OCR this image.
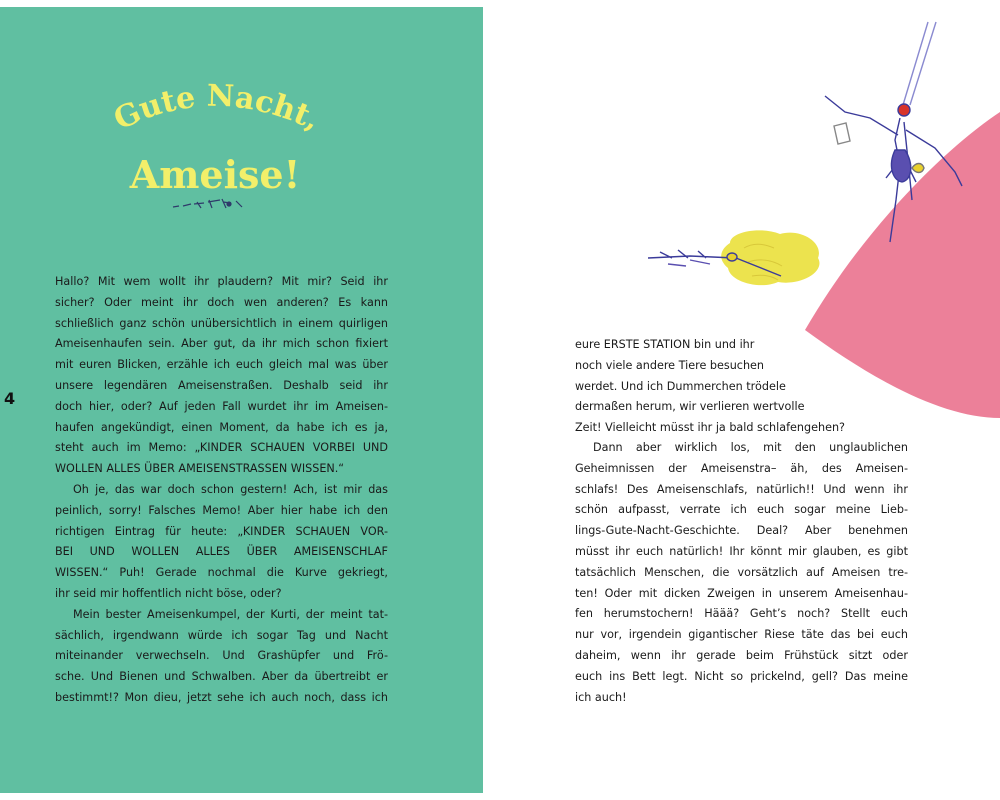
Gute Nacht,
Ameise!
4
Hallo? Mit wem wollt ihr plaudern? Mit mir? Seid ihr
sicher? Oder meint ihr doch wen anderen? Es kann
schließlich ganz schön unübersichtlich in einem quirligen
Ameisenhaufen sein. Aber gut, da ihr mich schon fixiert
mit euren Blicken, erzähle ich euch gleich mal was über
unsere legendären Ameisenstraßen. Deshalb seid ihr
doch hier, oder? Auf jeden Fall wurdet ihr im Ameisen-
haufen angekündigt, einen Moment, da habe ich es ja,
steht auch im Memo: „KINDER SCHAUEN VORBEI UND
WOLLEN ALLES ÜBER AMEISENSTRASSEN WISSEN.“
Oh je, das war doch schon gestern! Ach, ist mir das
peinlich, sorry! Falsches Memo! Aber hier habe ich den
richtigen Eintrag für heute: „KINDER SCHAUEN VOR-
BEI UND WOLLEN ALLES ÜBER AMEISENSCHLAF
WISSEN.“ Puh! Gerade nochmal die Kurve gekriegt,
ihr seid mir hoffentlich nicht böse, oder?
Mein bester Ameisenkumpel, der Kurti, der meint tat-
sächlich, irgendwann würde ich sogar Tag und Nacht
miteinander verwechseln. Und Grashüpfer und Frö-
sche. Und Bienen und Schwalben. Aber da übertreibt er
bestimmt!? Mon dieu, jetzt sehe ich auch noch, dass ich
eure ERSTE STATION bin und ihr
noch viele andere Tiere besuchen
werdet. Und ich Dummerchen trödele
dermaßen herum, wir verlieren wertvolle
Zeit! Vielleicht müsst ihr ja bald schlafengehen?
Dann aber wirklich los, mit den unglaublichen
Geheimnissen der Ameisenstra– äh, des Ameisen-
schlafs! Des Ameisenschlafs, natürlich!! Und wenn ihr
schön aufpasst, verrate ich euch sogar meine Lieb-
lings-Gute-Nacht-Geschichte. Deal? Aber benehmen
müsst ihr euch natürlich! Ihr könnt mir glauben, es gibt
tatsächlich Menschen, die vorsätzlich auf Ameisen tre-
ten! Oder mit dicken Zweigen in unserem Ameisenhau-
fen herumstochern! Häää? Geht’s noch? Stellt euch
nur vor, irgendein gigantischer Riese täte das bei euch
daheim, wenn ihr gerade beim Frühstück sitzt oder
euch ins Bett legt. Nicht so prickelnd, gell? Das meine
ich auch!
